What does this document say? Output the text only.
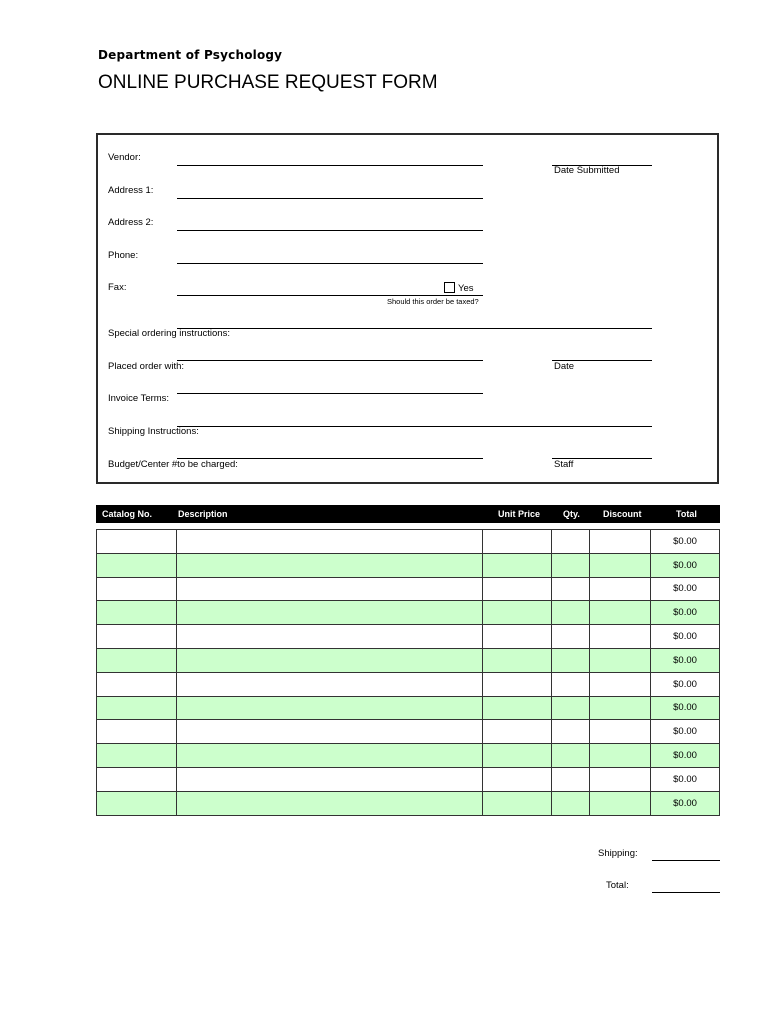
Department of Psychology
ONLINE PURCHASE REQUEST FORM
Vendor:
Date Submitted
Address 1:
Address 2:
Phone:
Fax:	Yes
Should this order be taxed?
Special ordering instructions:
Placed order with:	Date
Invoice Terms:
Shipping Instructions:
Budget/Center #to be charged:	Staff
Catalog No.	Description	Unit Price	Qty.	Discount	Total
					$0.00
					$0.00
					$0.00
					$0.00
					$0.00
					$0.00
					$0.00
					$0.00
					$0.00
					$0.00
					$0.00
					$0.00
Shipping:
Total:
